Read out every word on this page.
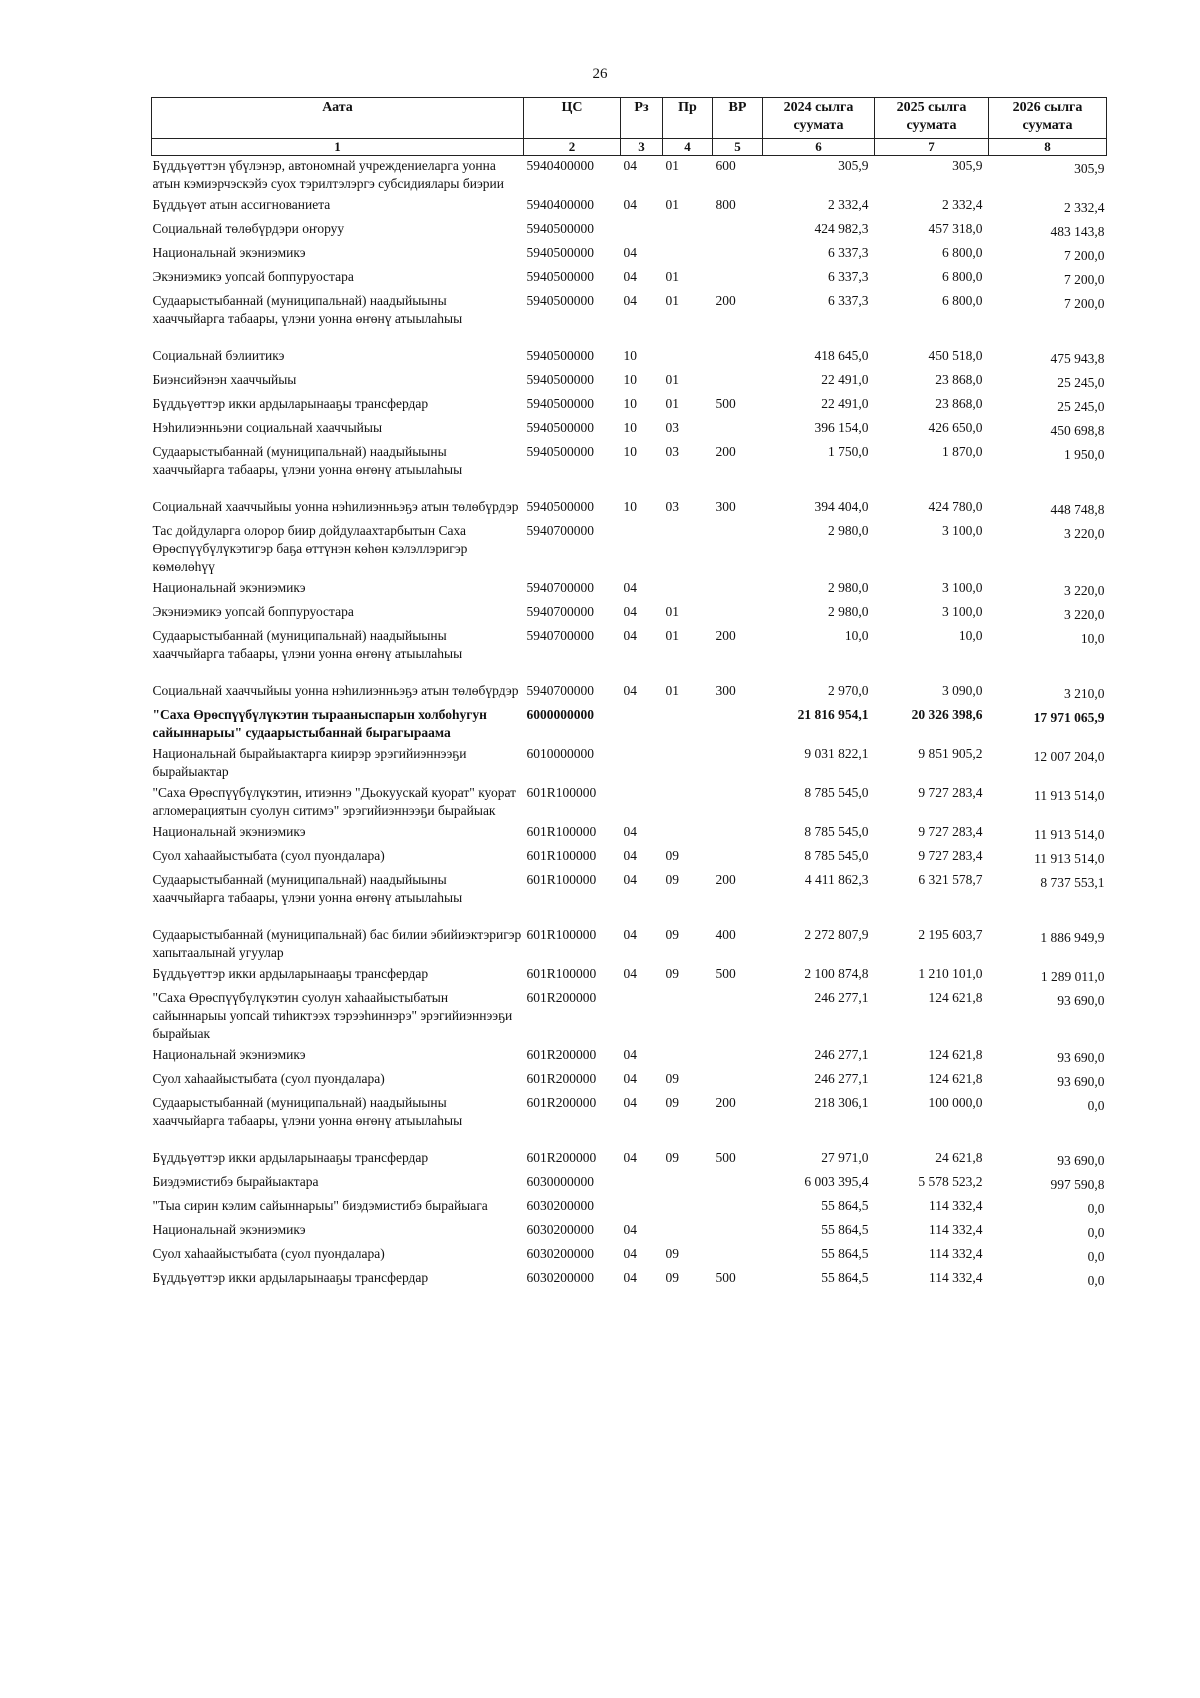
26
Аата	ЦС	Рз	Пр	ВР	2024 сылга суумата	2025 сылга суумата	2026 сылга суумата
1	2	3	4	5	6	7	8
Бүддьүөттэн үбүлэнэр, автономнай учреждениеларга уонна атын кэмиэрчэскэйэ суох тэрилтэлэргэ субсидиялары биэрии	5940400000	04	01	600	305,9	305,9	305,9
Бүддьүөт атын ассигнованиета	5940400000	04	01	800	2 332,4	2 332,4	2 332,4
Социальнай төлөбүрдэри оҥоруу	5940500000				424 982,3	457 318,0	483 143,8
Национальнай экэниэмикэ	5940500000	04			6 337,3	6 800,0	7 200,0
Экэниэмикэ уопсай боппуруостара	5940500000	04	01		6 337,3	6 800,0	7 200,0
Судаарыстыбаннай (муниципальнай) наадыйыыны хааччыйарга табаары, үлэни уонна өҥөнү атыылаһыы	5940500000	04	01	200	6 337,3	6 800,0	7 200,0
Социальнай бэлиитикэ	5940500000	10			418 645,0	450 518,0	475 943,8
Биэнсийэнэн хааччыйыы	5940500000	10	01		22 491,0	23 868,0	25 245,0
Бүддьүөттэр икки ардыларынааҕы трансфердар	5940500000	10	01	500	22 491,0	23 868,0	25 245,0
Нэһилиэнньэни социальнай хааччыйыы	5940500000	10	03		396 154,0	426 650,0	450 698,8
Судаарыстыбаннай (муниципальнай) наадыйыыны хааччыйарга табаары, үлэни уонна өҥөнү атыылаһыы	5940500000	10	03	200	1 750,0	1 870,0	1 950,0
Социальнай хааччыйыы уонна нэһилиэнньэҕэ атын төлөбүрдэр	5940500000	10	03	300	394 404,0	424 780,0	448 748,8
Тас дойдуларга олорор биир дойдулаахтарбытын Саха Өрөспүүбүлүкэтигэр баҕа өттүнэн көһөн кэлэллэригэр көмөлөһүү	5940700000				2 980,0	3 100,0	3 220,0
Национальнай экэниэмикэ	5940700000	04			2 980,0	3 100,0	3 220,0
Экэниэмикэ уопсай боппуруостара	5940700000	04	01		2 980,0	3 100,0	3 220,0
Судаарыстыбаннай (муниципальнай) наадыйыыны хааччыйарга табаары, үлэни уонна өҥөнү атыылаһыы	5940700000	04	01	200	10,0	10,0	10,0
Социальнай хааччыйыы уонна нэһилиэнньэҕэ атын төлөбүрдэр	5940700000	04	01	300	2 970,0	3 090,0	3 210,0
"Саха Өрөспүүбүлүкэтин тырааныспарын холбоһугун сайыннарыы" судаарыстыбаннай бырагыраама	6000000000				21 816 954,1	20 326 398,6	17 971 065,9
Национальнай бырайыактарга киирэр эрэгийиэннээҕи бырайыактар	6010000000				9 031 822,1	9 851 905,2	12 007 204,0
"Саха Өрөспүүбүлүкэтин, итиэннэ "Дьокуускай куорат" куорат агломерациятын суолун ситимэ" эрэгийиэннээҕи бырайыак	601R100000				8 785 545,0	9 727 283,4	11 913 514,0
Национальнай экэниэмикэ	601R100000	04			8 785 545,0	9 727 283,4	11 913 514,0
Суол хаһаайыстыбата (суол пуондалара)	601R100000	04	09		8 785 545,0	9 727 283,4	11 913 514,0
Судаарыстыбаннай (муниципальнай) наадыйыыны хааччыйарга табаары, үлэни уонна өҥөнү атыылаһыы	601R100000	04	09	200	4 411 862,3	6 321 578,7	8 737 553,1
Судаарыстыбаннай (муниципальнай) бас билии эбийиэктэригэр хапытаалынай угуулар	601R100000	04	09	400	2 272 807,9	2 195 603,7	1 886 949,9
Бүддьүөттэр икки ардыларынааҕы трансфердар	601R100000	04	09	500	2 100 874,8	1 210 101,0	1 289 011,0
"Саха Өрөспүүбүлүкэтин суолун хаһаайыстыбатын сайыннарыы уопсай тиһиктээх тэрээһиннэрэ" эрэгийиэннээҕи бырайыак	601R200000				246 277,1	124 621,8	93 690,0
Национальнай экэниэмикэ	601R200000	04			246 277,1	124 621,8	93 690,0
Суол хаһаайыстыбата (суол пуондалара)	601R200000	04	09		246 277,1	124 621,8	93 690,0
Судаарыстыбаннай (муниципальнай) наадыйыыны хааччыйарга табаары, үлэни уонна өҥөнү атыылаһыы	601R200000	04	09	200	218 306,1	100 000,0	0,0
Бүддьүөттэр икки ардыларынааҕы трансфердар	601R200000	04	09	500	27 971,0	24 621,8	93 690,0
Биэдэмистибэ бырайыактара	6030000000				6 003 395,4	5 578 523,2	997 590,8
"Тыа сирин кэлим сайыннарыы" биэдэмистибэ бырайыага	6030200000				55 864,5	114 332,4	0,0
Национальнай экэниэмикэ	6030200000	04			55 864,5	114 332,4	0,0
Суол хаһаайыстыбата (суол пуондалара)	6030200000	04	09		55 864,5	114 332,4	0,0
Бүддьүөттэр икки ардыларынааҕы трансфердар	6030200000	04	09	500	55 864,5	114 332,4	0,0
